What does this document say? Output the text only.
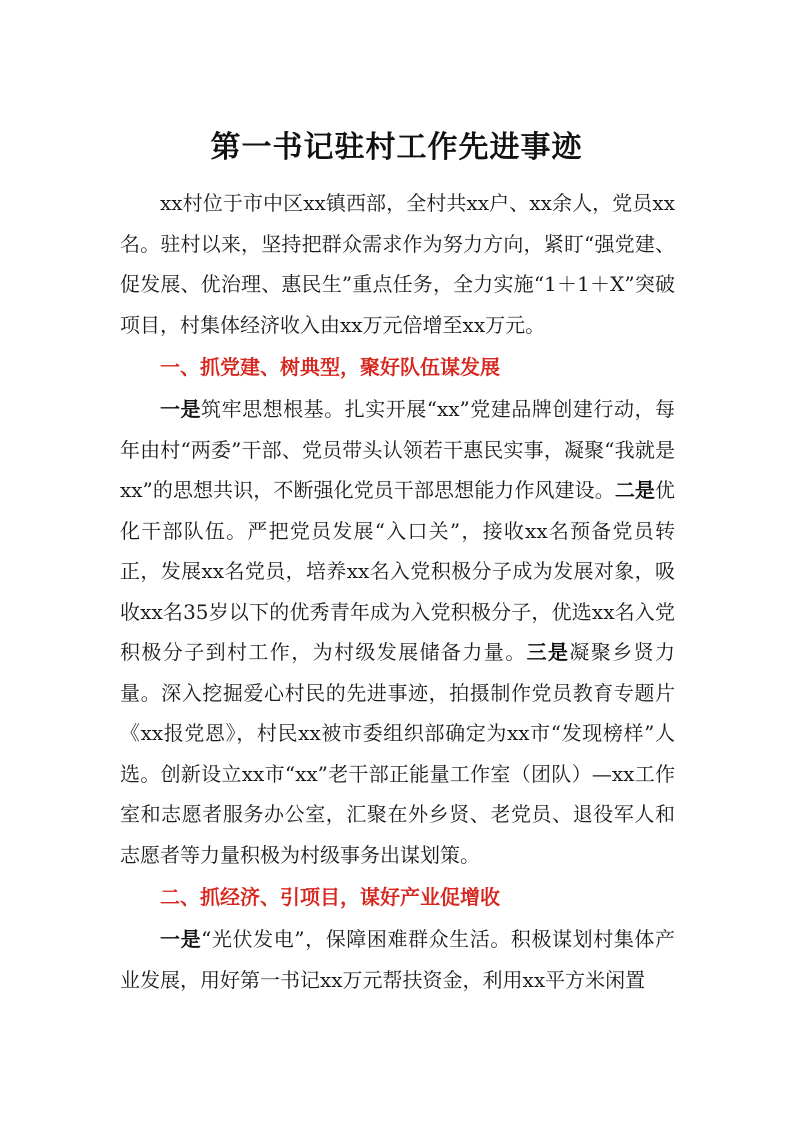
第一书记驻村工作先进事迹

xx村位于市中区xx镇西部，全村共xx户、xx余人，党员xx名。驻村以来，坚持把群众需求作为努力方向，紧盯“强党建、促发展、优治理、惠民生”重点任务，全力实施“1＋1＋X”突破项目，村集体经济收入由xx万元倍增至xx万元。

一、抓党建、树典型，聚好队伍谋发展

一是筑牢思想根基。扎实开展“xx”党建品牌创建行动，每年由村“两委”干部、党员带头认领若干惠民实事，凝聚“我就是xx”的思想共识，不断强化党员干部思想能力作风建设。二是优化干部队伍。严把党员发展“入口关”，接收xx名预备党员转正，发展xx名党员，培养xx名入党积极分子成为发展对象，吸收xx名35岁以下的优秀青年成为入党积极分子，优选xx名入党积极分子到村工作，为村级发展储备力量。三是凝聚乡贤力量。深入挖掘爱心村民的先进事迹，拍摄制作党员教育专题片《xx报党恩》，村民xx被市委组织部确定为xx市“发现榜样”人选。创新设立xx市“xx”老干部正能量工作室（团队）—xx工作室和志愿者服务办公室，汇聚在外乡贤、老党员、退役军人和志愿者等力量积极为村级事务出谋划策。

二、抓经济、引项目，谋好产业促增收

一是“光伏发电”，保障困难群众生活。积极谋划村集体产业发展，用好第一书记xx万元帮扶资金，利用xx平方米闲置
